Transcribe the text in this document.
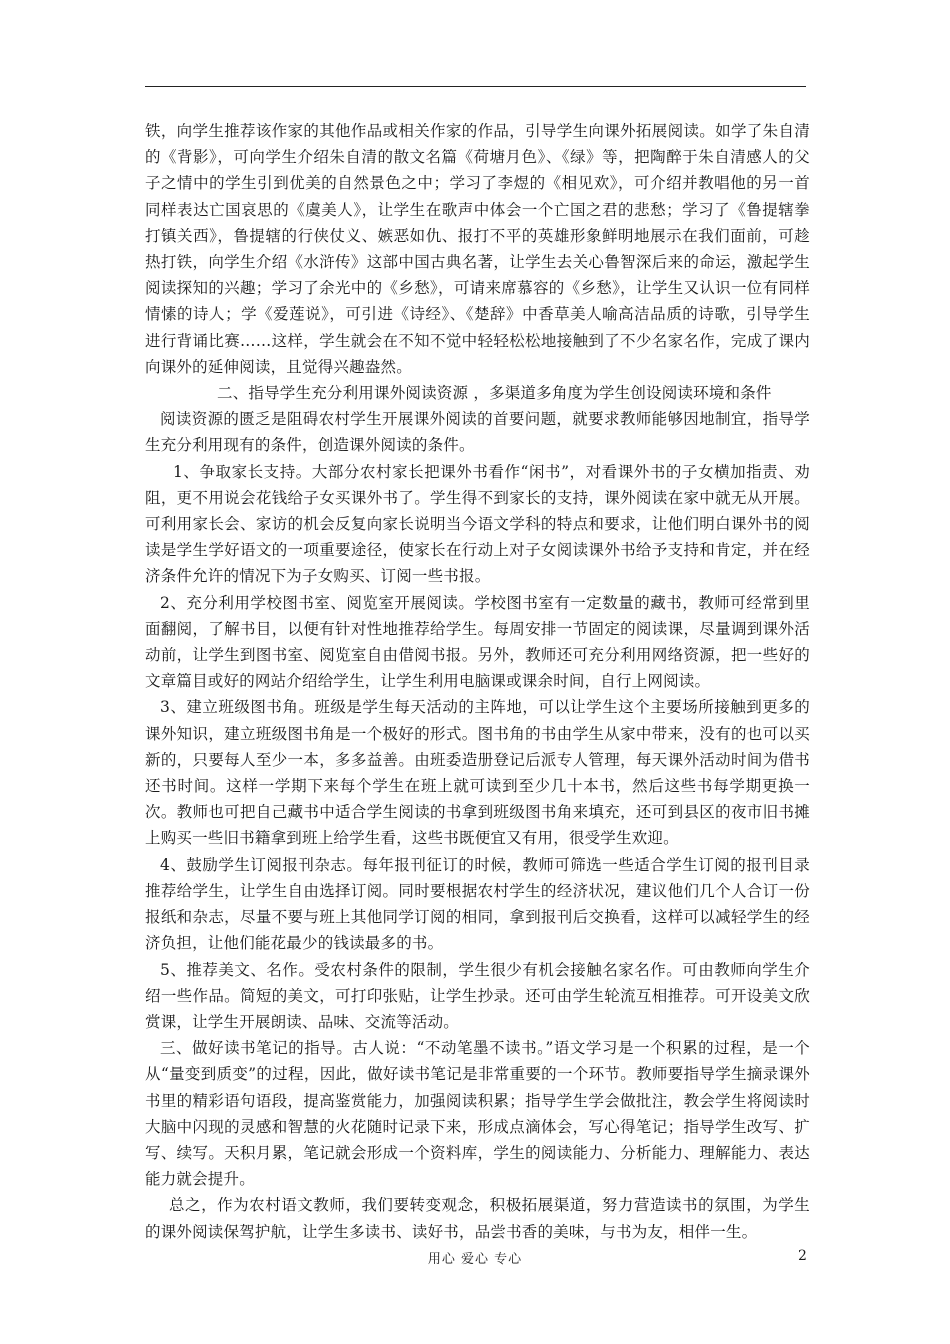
铁，向学生推荐该作家的其他作品或相关作家的作品，引导学生向课外拓展阅读。如学了朱自清的《背影》，可向学生介绍朱自清的散文名篇《荷塘月色》、《绿》等，把陶醉于朱自清感人的父子之情中的学生引到优美的自然景色之中；学习了李煜的《相见欢》，可介绍并教唱他的另一首同样表达亡国哀思的《虞美人》，让学生在歌声中体会一个亡国之君的悲愁；学习了《鲁提辖拳打镇关西》，鲁提辖的行侠仗义、嫉恶如仇、报打不平的英雄形象鲜明地展示在我们面前，可趁热打铁，向学生介绍《水浒传》这部中国古典名著，让学生去关心鲁智深后来的命运，激起学生阅读探知的兴趣；学习了余光中的《乡愁》，可请来席慕容的《乡愁》，让学生又认识一位有同样情愫的诗人；学《爱莲说》，可引进《诗经》、《楚辞》中香草美人喻高洁品质的诗歌，引导学生进行背诵比赛……这样，学生就会在不知不觉中轻轻松松地接触到了不少名家名作，完成了课内向课外的延伸阅读，且觉得兴趣盎然。

二、指导学生充分利用课外阅读资源 ，多渠道多角度为学生创设阅读环境和条件

阅读资源的匮乏是阻碍农村学生开展课外阅读的首要问题，就要求教师能够因地制宜，指导学生充分利用现有的条件，创造课外阅读的条件。

1、争取家长支持。大部分农村家长把课外书看作“闲书”，对看课外书的子女横加指责、劝阻，更不用说会花钱给子女买课外书了。学生得不到家长的支持，课外阅读在家中就无从开展。可利用家长会、家访的机会反复向家长说明当今语文学科的特点和要求，让他们明白课外书的阅读是学生学好语文的一项重要途径，使家长在行动上对子女阅读课外书给予支持和肯定，并在经济条件允许的情况下为子女购买、订阅一些书报。

2、充分利用学校图书室、阅览室开展阅读。学校图书室有一定数量的藏书，教师可经常到里面翻阅，了解书目，以便有针对性地推荐给学生。每周安排一节固定的阅读课，尽量调到课外活动前，让学生到图书室、阅览室自由借阅书报。另外，教师还可充分利用网络资源，把一些好的文章篇目或好的网站介绍给学生，让学生利用电脑课或课余时间，自行上网阅读。

3、建立班级图书角。班级是学生每天活动的主阵地，可以让学生这个主要场所接触到更多的课外知识，建立班级图书角是一个极好的形式。图书角的书由学生从家中带来，没有的也可以买新的，只要每人至少一本，多多益善。由班委造册登记后派专人管理，每天课外活动时间为借书还书时间。这样一学期下来每个学生在班上就可读到至少几十本书，然后这些书每学期更换一次。教师也可把自己藏书中适合学生阅读的书拿到班级图书角来填充，还可到县区的夜市旧书摊上购买一些旧书籍拿到班上给学生看，这些书既便宜又有用，很受学生欢迎。

4、鼓励学生订阅报刊杂志。每年报刊征订的时候，教师可筛选一些适合学生订阅的报刊目录推荐给学生，让学生自由选择订阅。同时要根据农村学生的经济状况，建议他们几个人合订一份报纸和杂志，尽量不要与班上其他同学订阅的相同，拿到报刊后交换看，这样可以减轻学生的经济负担，让他们能花最少的钱读最多的书。

5、推荐美文、名作。受农村条件的限制，学生很少有机会接触名家名作。可由教师向学生介绍一些作品。简短的美文，可打印张贴，让学生抄录。还可由学生轮流互相推荐。可开设美文欣赏课，让学生开展朗读、品味、交流等活动。

三、做好读书笔记的指导。古人说：“不动笔墨不读书。”语文学习是一个积累的过程，是一个从“量变到质变”的过程，因此，做好读书笔记是非常重要的一个环节。教师要指导学生摘录课外书里的精彩语句语段，提高鉴赏能力，加强阅读积累；指导学生学会做批注，教会学生将阅读时大脑中闪现的灵感和智慧的火花随时记录下来，形成点滴体会，写心得笔记；指导学生改写、扩写、续写。天积月累，笔记就会形成一个资料库，学生的阅读能力、分析能力、理解能力、表达能力就会提升。

总之，作为农村语文教师，我们要转变观念，积极拓展渠道，努力营造读书的氛围，为学生的课外阅读保驾护航，让学生多读书、读好书，品尝书香的美味，与书为友，相伴一生。

用心 爱心 专心	2
